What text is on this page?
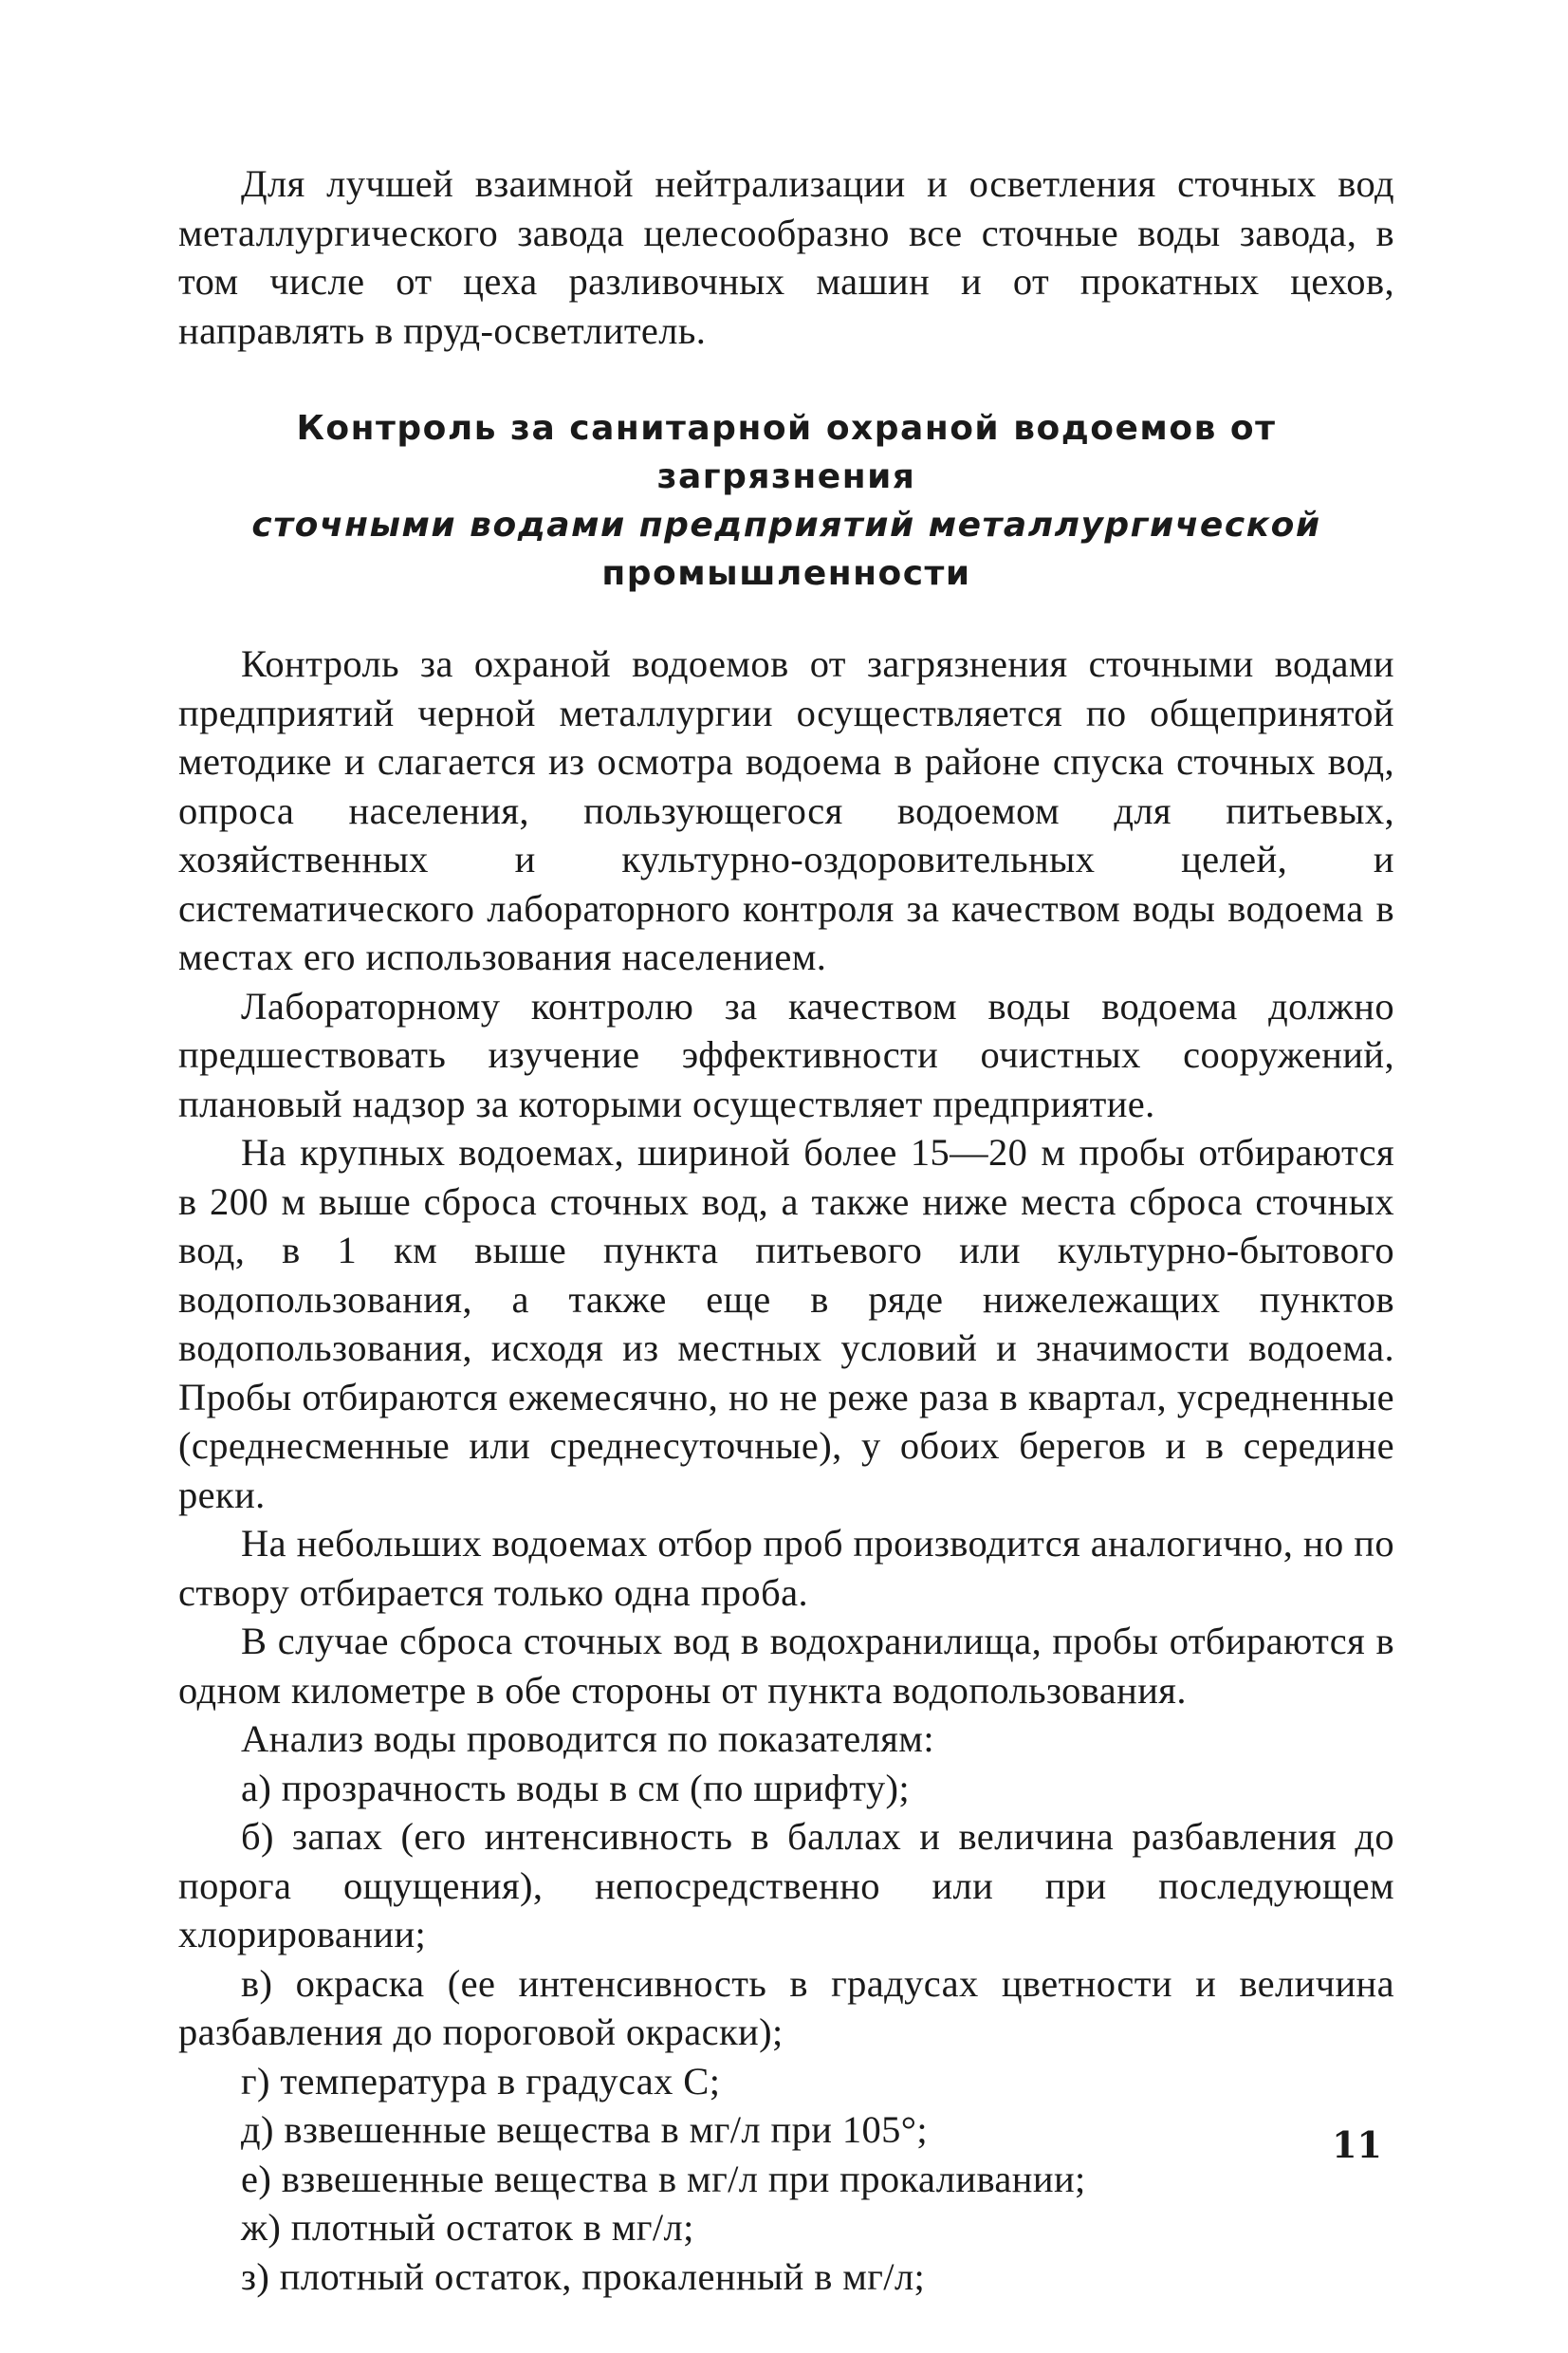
Для лучшей взаимной нейтрализации и осветления сточных вод металлургического завода целесообразно все сточные воды завода, в том числе от цеха разливочных машин и от прокатных цехов, направлять в пруд-осветлитель.

Контроль за санитарной охраной водоемов от загрязнения
сточными водами предприятий металлургической
промышленности

Контроль за охраной водоемов от загрязнения сточными водами предприятий черной металлургии осуществляется по общепринятой методике и слагается из осмотра водоема в районе спуска сточных вод, опроса населения, пользующегося водоемом для питьевых, хозяйственных и культурно-оздоровительных целей, и систематического лабораторного контроля за качеством воды водоема в местах его использования населением.

Лабораторному контролю за качеством воды водоема должно предшествовать изучение эффективности очистных сооружений, плановый надзор за которыми осуществляет предприятие.

На крупных водоемах, шириной более 15—20 м пробы отбираются в 200 м выше сброса сточных вод, а также ниже места сброса сточных вод, в 1 км выше пункта питьевого или культурно-бытового водопользования, а также еще в ряде нижележащих пунктов водопользования, исходя из местных условий и значимости водоема. Пробы отбираются ежемесячно, но не реже раза в квартал, усредненные (среднесменные или среднесуточные), у обоих берегов и в середине реки.

На небольших водоемах отбор проб производится аналогично, но по створу отбирается только одна проба.

В случае сброса сточных вод в водохранилища, пробы отбираются в одном километре в обе стороны от пункта водопользования.

Анализ воды проводится по показателям:

а) прозрачность воды в см (по шрифту);
б) запах (его интенсивность в баллах и величина разбавления до порога ощущения), непосредственно или при последующем хлорировании;
в) окраска (ее интенсивность в градусах цветности и величина разбавления до пороговой окраски);
г) температура в градусах С;
д) взвешенные вещества в мг/л при 105°;
е) взвешенные вещества в мг/л при прокаливании;
ж) плотный остаток в мг/л;
з) плотный остаток, прокаленный в мг/л;
11
